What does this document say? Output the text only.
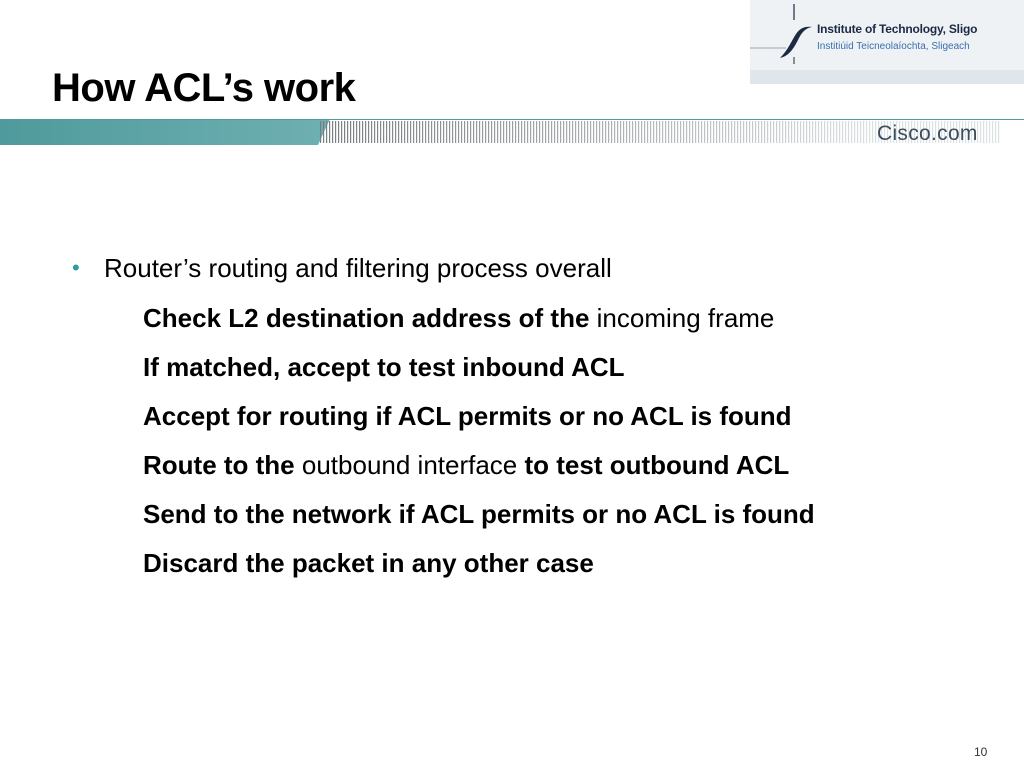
Institute of Technology, Sligo
Institiúid Teicneolaíochta, Sligeach
How ACL’s work
Cisco.com
• Router’s routing and filtering process overall
Check L2 destination address of the incoming frame
If matched, accept to test inbound ACL
Accept for routing if ACL permits or no ACL is found
Route to the outbound interface to test outbound ACL
Send to the network if ACL permits or no ACL is found
Discard the packet in any other case
10
